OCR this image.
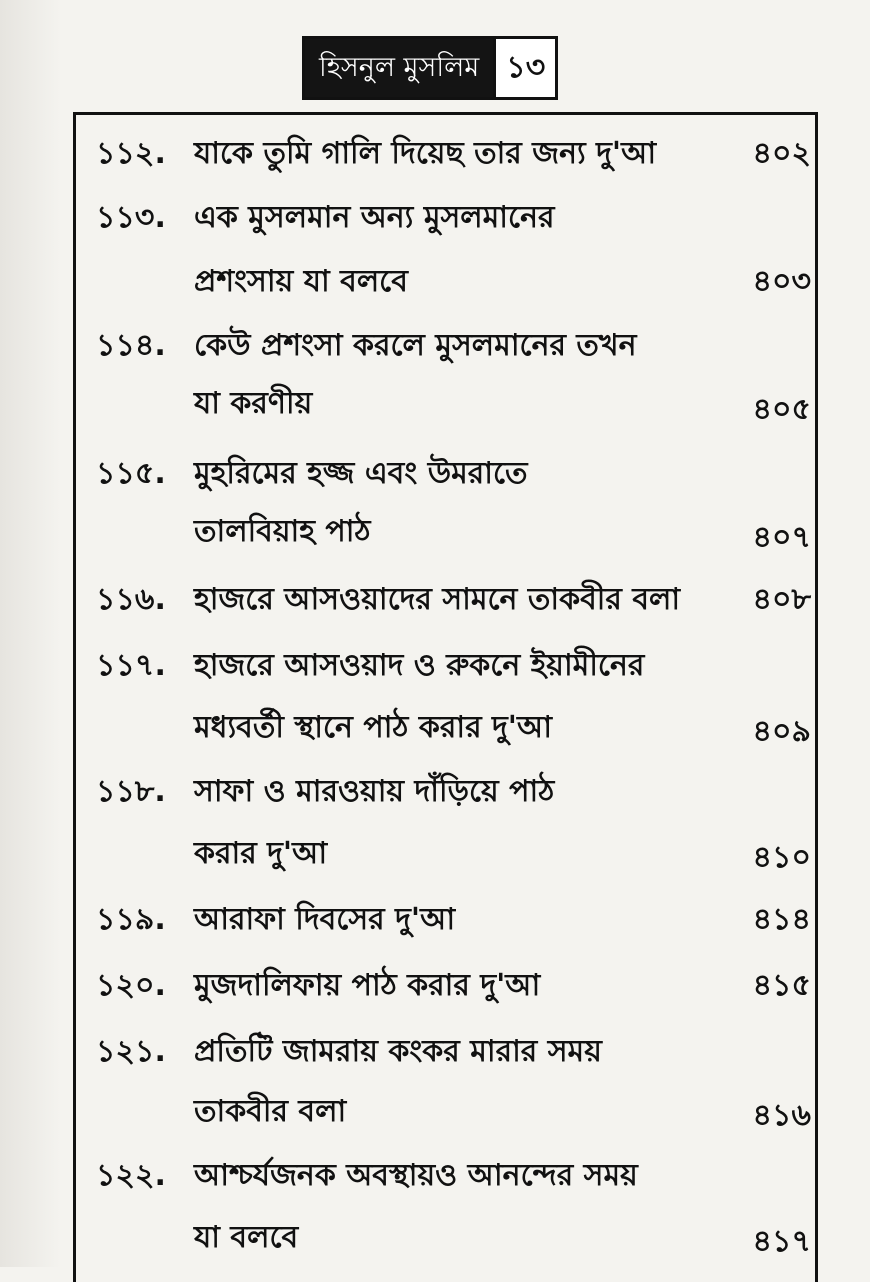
হিসনুল মুসলিম ১৩
১১২. যাকে তুমি গালি দিয়েছ তার জন্য দু'আ	৪০২
১১৩. এক মুসলমান অন্য মুসলমানের
প্রশংসায় যা বলবে	৪০৩
১১৪. কেউ প্রশংসা করলে মুসলমানের তখন
যা করণীয়	৪০৫
১১৫. মুহরিমের হজ্জ এবং উমরাতে
তালবিয়াহ পাঠ	৪০৭
১১৬. হাজরে আসওয়াদের সামনে তাকবীর বলা ৪০৮
১১৭. হাজরে আসওয়াদ ও রুকনে ইয়ামীনের
মধ্যবর্তী স্থানে পাঠ করার দু'আ	৪০৯
১১৮. সাফা ও মারওয়ায় দাঁড়িয়ে পাঠ
করার দু'আ	৪১০
১১৯. আরাফা দিবসের দু'আ	৪১৪
১২০. মুজদালিফায় পাঠ করার দু'আ	৪১৫
১২১. প্রতিটি জামরায় কংকর মারার সময়
তাকবীর বলা	৪১৬
১২২. আশ্চর্যজনক অবস্থায়ও আনন্দের সময়
যা বলবে	৪১৭
